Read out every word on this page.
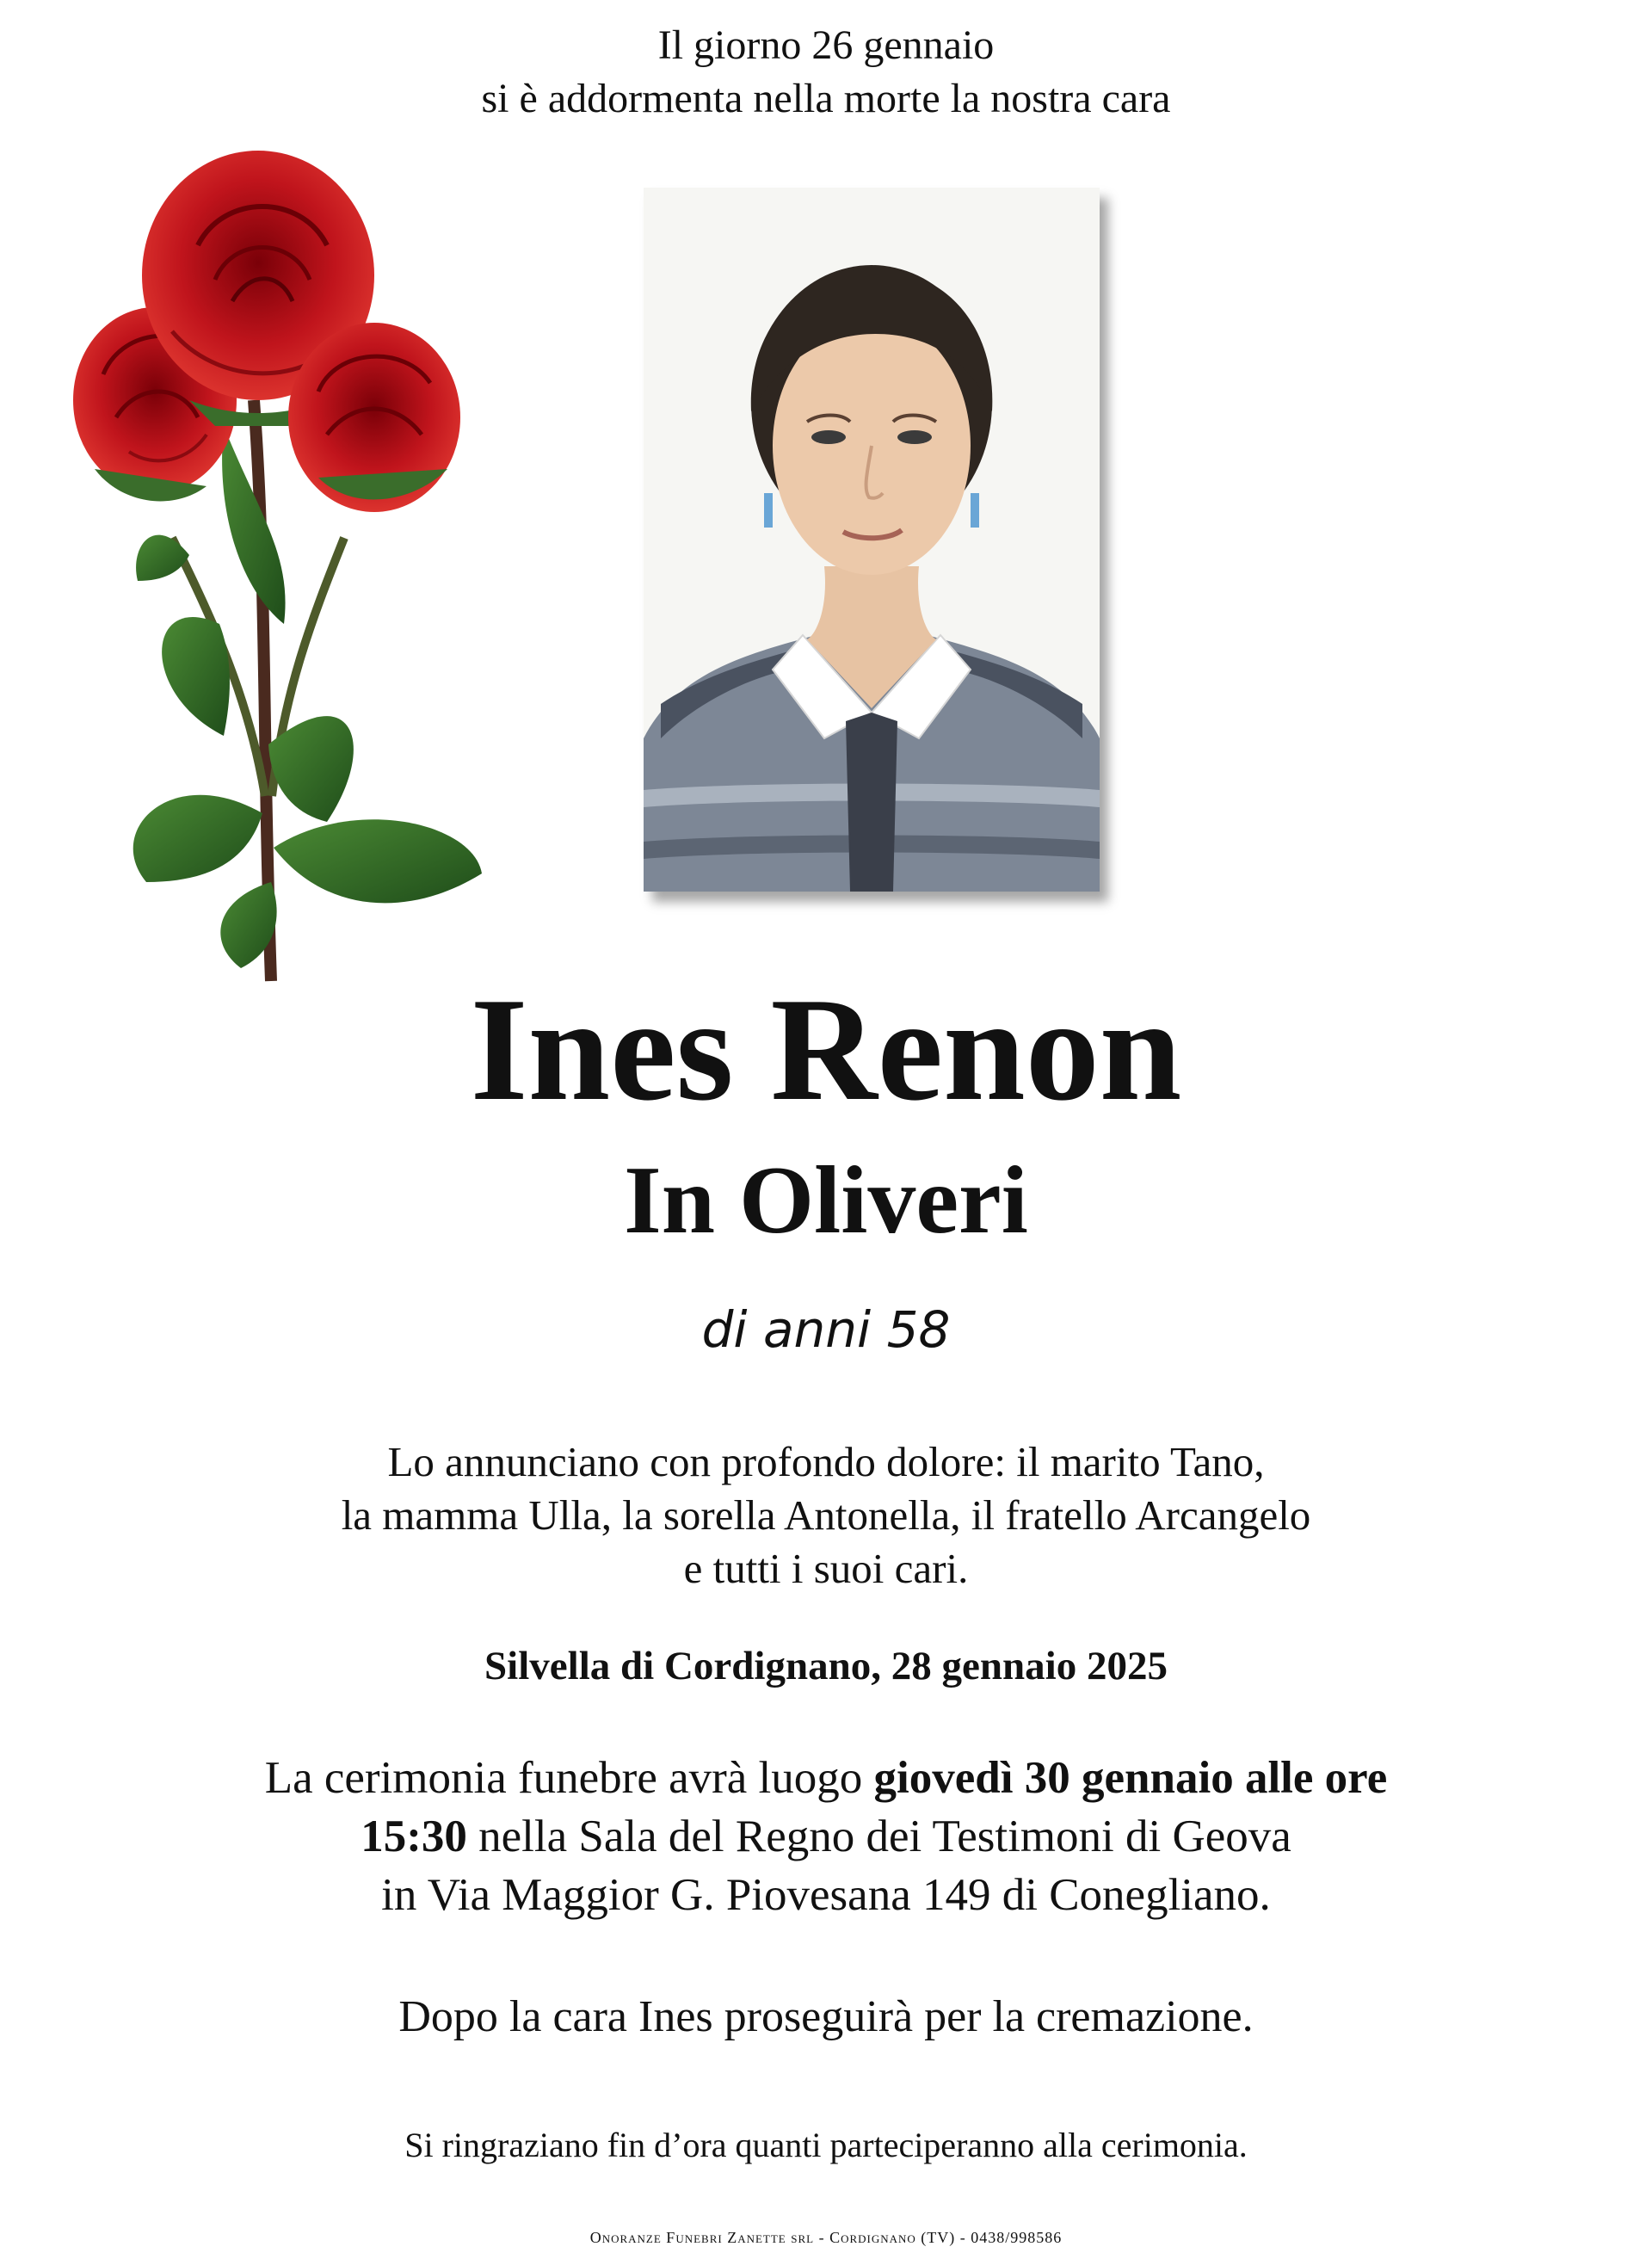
Il giorno 26 gennaio
si è addormenta nella morte la nostra cara
Ines Renon
In Oliveri
di anni 58
Lo annunciano con profondo dolore: il marito Tano,
la mamma Ulla, la sorella Antonella, il fratello Arcangelo
e tutti i suoi cari.
Silvella di Cordignano, 28 gennaio 2025
La cerimonia funebre avrà luogo giovedì 30 gennaio alle ore
15:30 nella Sala del Regno dei Testimoni di Geova
in Via Maggior G. Piovesana 149 di Conegliano.
Dopo la cara Ines proseguirà per la cremazione.
Si ringraziano fin d’ora quanti parteciperanno alla cerimonia.
Onoranze Funebri Zanette srl - Cordignano (TV) - 0438/998586
